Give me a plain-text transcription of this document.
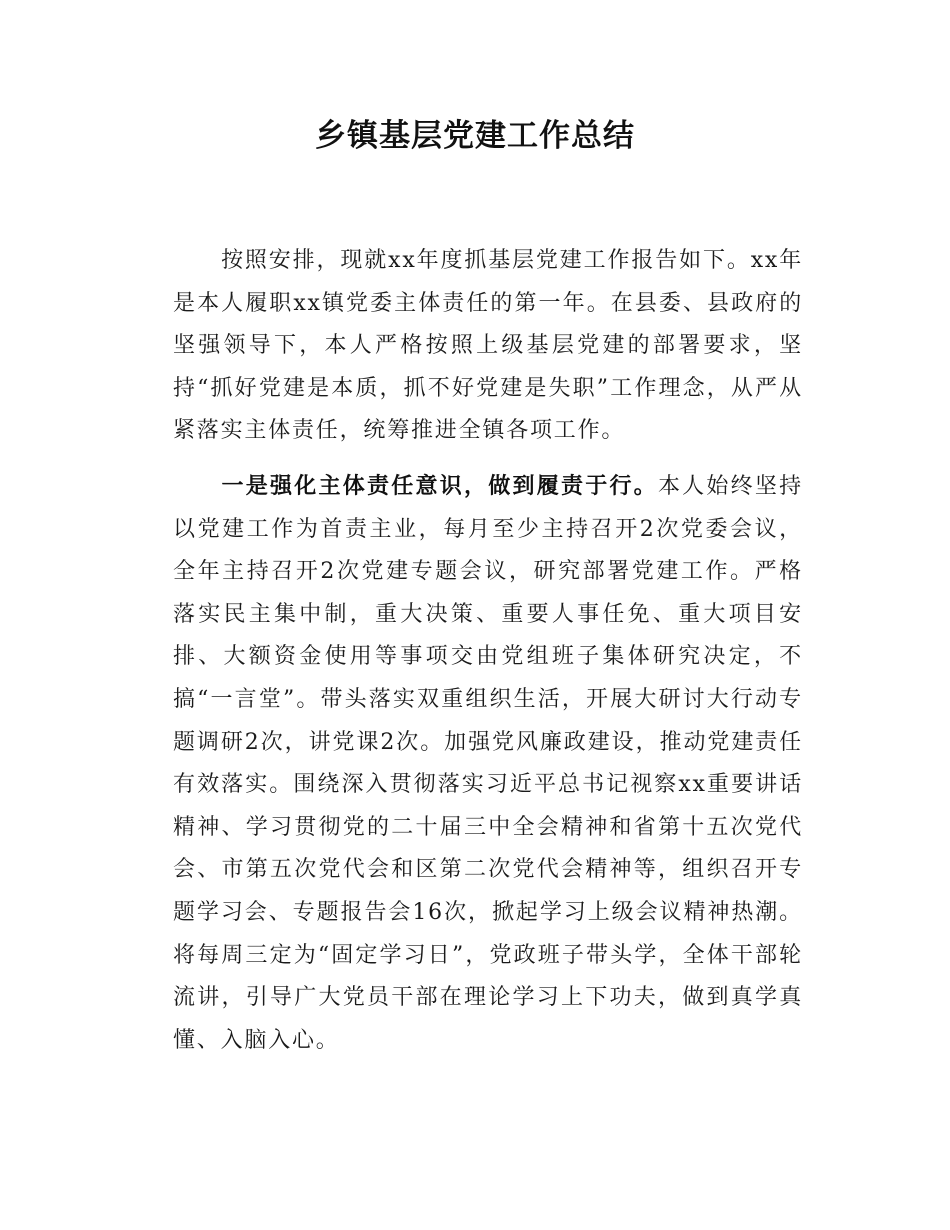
乡镇基层党建工作总结

按照安排，现就xx年度抓基层党建工作报告如下。xx年是本人履职xx镇党委主体责任的第一年。在县委、县政府的坚强领导下，本人严格按照上级基层党建的部署要求，坚持“抓好党建是本质，抓不好党建是失职”工作理念，从严从紧落实主体责任，统筹推进全镇各项工作。

一是强化主体责任意识，做到履责于行。本人始终坚持以党建工作为首责主业，每月至少主持召开2次党委会议，全年主持召开2次党建专题会议，研究部署党建工作。严格落实民主集中制，重大决策、重要人事任免、重大项目安排、大额资金使用等事项交由党组班子集体研究决定，不搞“一言堂”。带头落实双重组织生活，开展大研讨大行动专题调研2次，讲党课2次。加强党风廉政建设，推动党建责任有效落实。围绕深入贯彻落实习近平总书记视察xx重要讲话精神、学习贯彻党的二十届三中全会精神和省第十五次党代会、市第五次党代会和区第二次党代会精神等，组织召开专题学习会、专题报告会16次，掀起学习上级会议精神热潮。将每周三定为“固定学习日”，党政班子带头学，全体干部轮流讲，引导广大党员干部在理论学习上下功夫，做到真学真懂、入脑入心。
